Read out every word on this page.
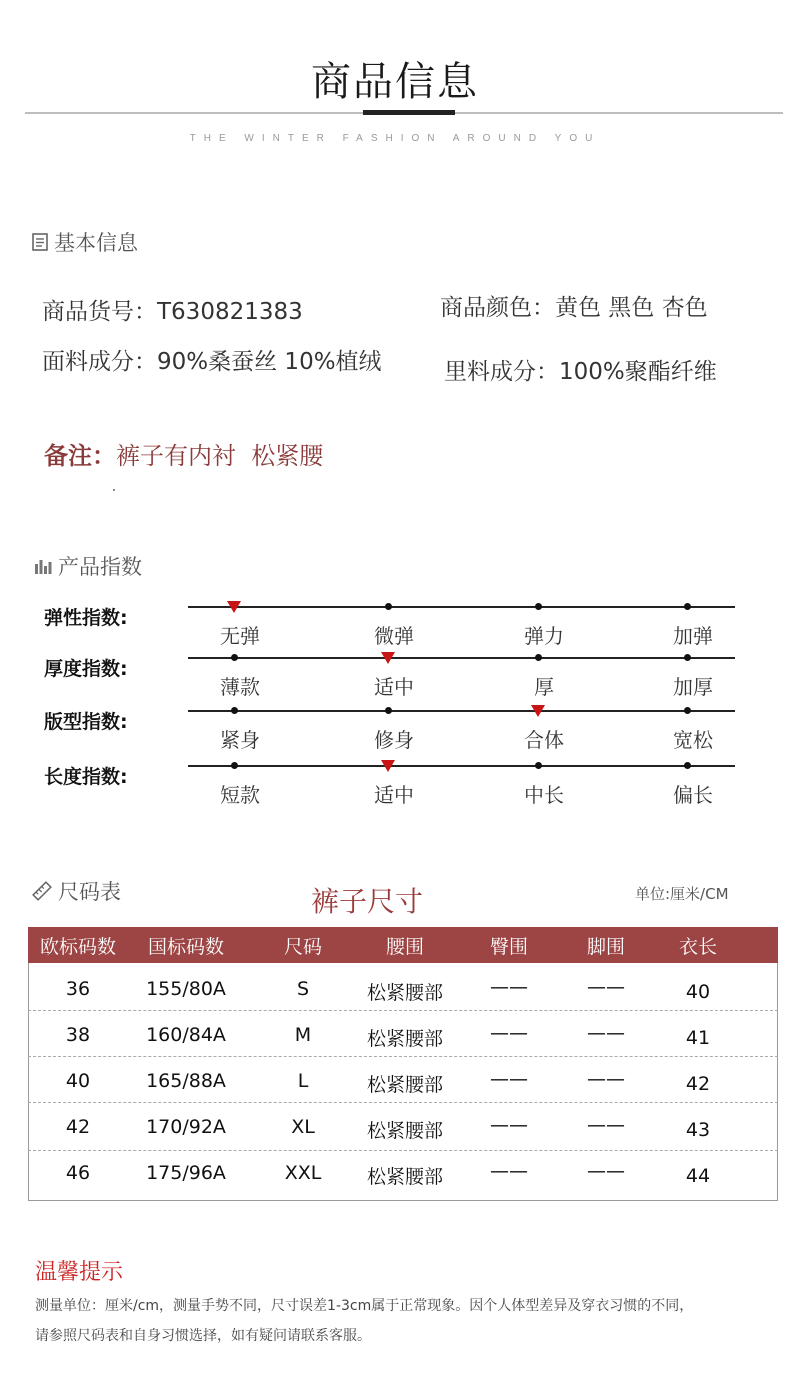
商品信息
THE WINTER FASHION AROUND YOU
基本信息
商品货号：T630821383	商品颜色：黄色 黑色 杏色
面料成分：90%桑蚕丝 10%植绒	里料成分：100%聚酯纤维
备注：裤子有内衬  松紧腰
产品指数
弹性指数:
无弹	微弹	弹力	加弹
厚度指数:
薄款	适中	厚	加厚
版型指数:
紧身	修身	合体	宽松
长度指数:
短款	适中	中长	偏长
尺码表	裤子尺寸	单位:厘米/CM
欧标码数	国标码数	尺码	腰围	臀围	脚围	衣长
36	155/80A	S	松紧腰部	——	——	40
38	160/84A	M	松紧腰部	——	——	41
40	165/88A	L	松紧腰部	——	——	42
42	170/92A	XL	松紧腰部	——	——	43
46	175/96A	XXL	松紧腰部	——	——	44
温馨提示
测量单位：厘米/cm，测量手势不同，尺寸误差1-3cm属于正常现象。因个人体型差异及穿衣习惯的不同，
请参照尺码表和自身习惯选择，如有疑问请联系客服。
